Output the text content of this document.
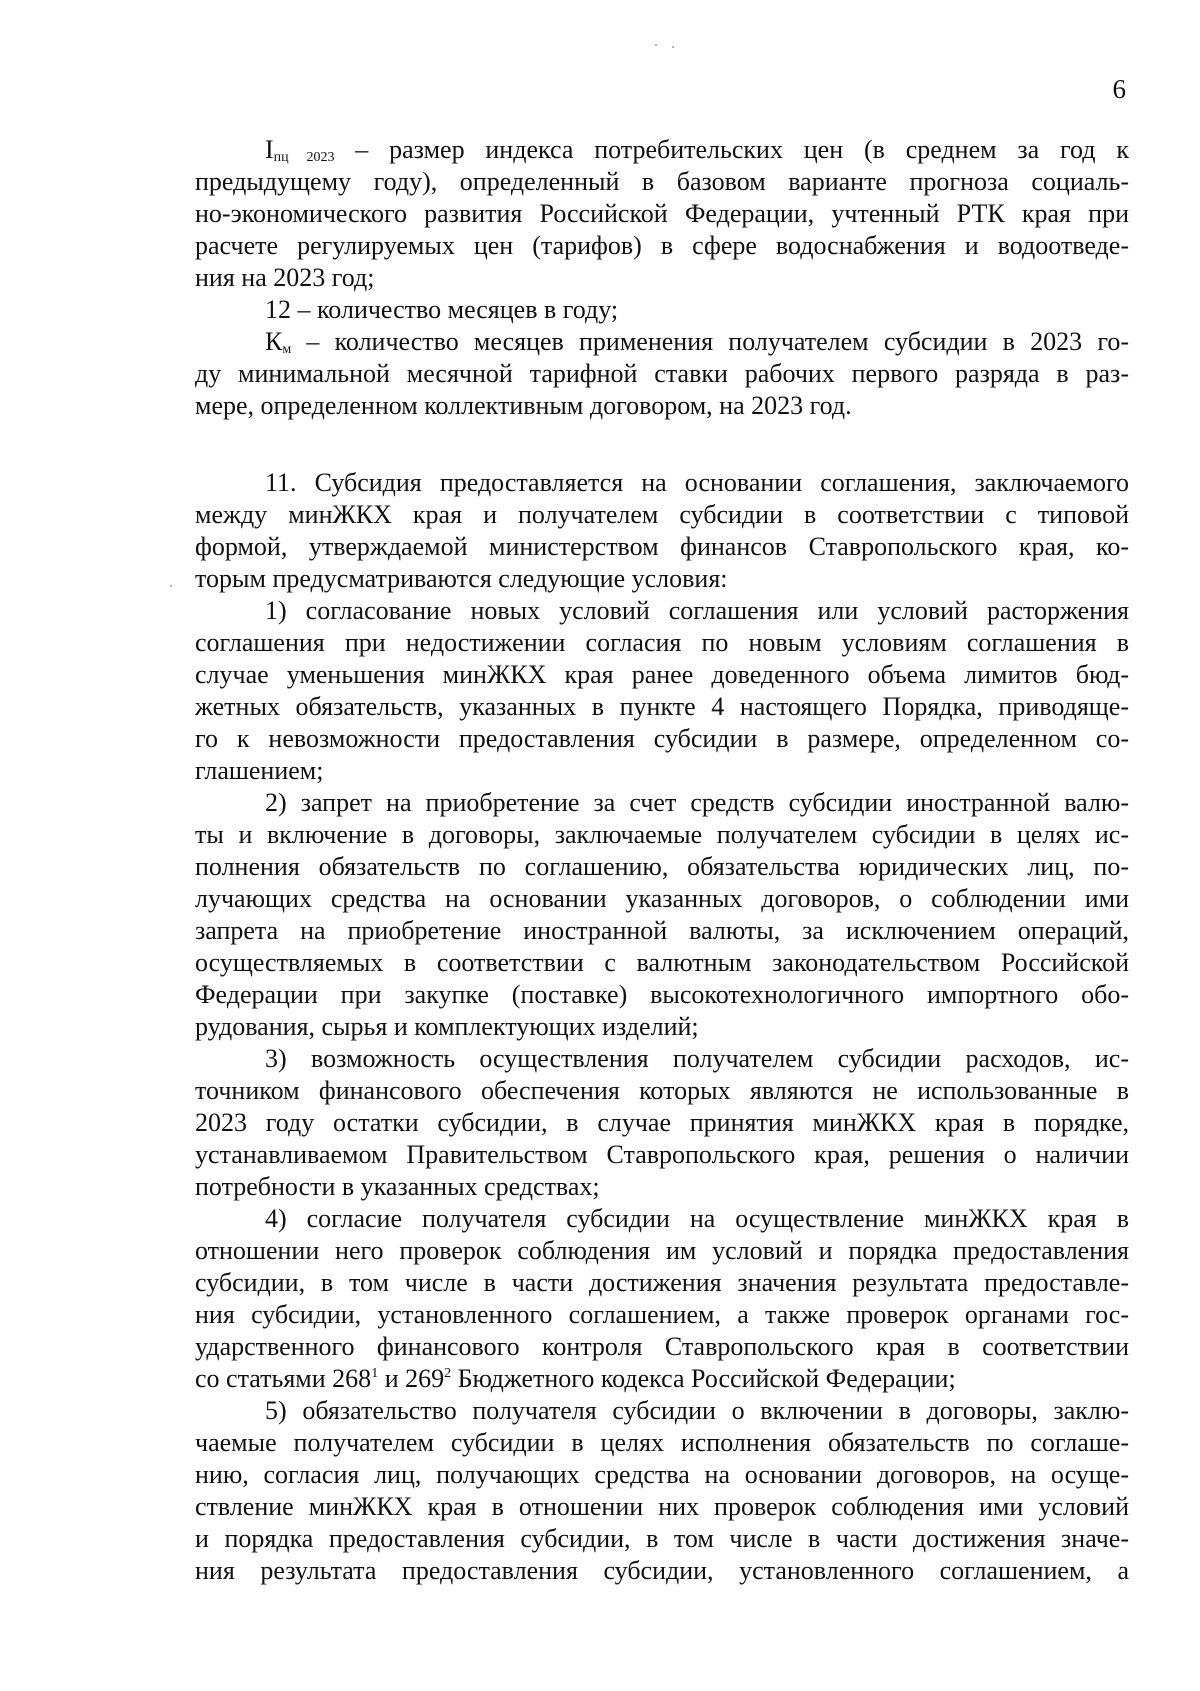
6
$I_{пц 2023}$ – размер индекса потребительских цен (в среднем за год к
предыдущему году), определенный в базовом варианте прогноза социаль-
но-экономического развития Российской Федерации, учтенный РТК края при
расчете регулируемых цен (тарифов) в сфере водоснабжения и водоотведе-
ния на 2023 год;
12 – количество месяцев в году;
$К_м$ – количество месяцев применения получателем субсидии в 2023 го-
ду минимальной месячной тарифной ставки рабочих первого разряда в раз-
мере, определенном коллективным договором, на 2023 год.
11. Субсидия предоставляется на основании соглашения, заключаемого
между минЖКХ края и получателем субсидии в соответствии с типовой
формой, утверждаемой министерством финансов Ставропольского края, ко-
торым предусматриваются следующие условия:
1) согласование новых условий соглашения или условий расторжения
соглашения при недостижении согласия по новым условиям соглашения в
случае уменьшения минЖКХ края ранее доведенного объема лимитов бюд-
жетных обязательств, указанных в пункте 4 настоящего Порядка, приводяще-
го к невозможности предоставления субсидии в размере, определенном со-
глашением;
2) запрет на приобретение за счет средств субсидии иностранной валю-
ты и включение в договоры, заключаемые получателем субсидии в целях ис-
полнения обязательств по соглашению, обязательства юридических лиц, по-
лучающих средства на основании указанных договоров, о соблюдении ими
запрета на приобретение иностранной валюты, за исключением операций,
осуществляемых в соответствии с валютным законодательством Российской
Федерации при закупке (поставке) высокотехнологичного импортного обо-
рудования, сырья и комплектующих изделий;
3) возможность осуществления получателем субсидии расходов, ис-
точником финансового обеспечения которых являются не использованные в
2023 году остатки субсидии, в случае принятия минЖКХ края в порядке,
устанавливаемом Правительством Ставропольского края, решения о наличии
потребности в указанных средствах;
4) согласие получателя субсидии на осуществление минЖКХ края в
отношении него проверок соблюдения им условий и порядка предоставления
субсидии, в том числе в части достижения значения результата предоставле-
ния субсидии, установленного соглашением, а также проверок органами гос-
ударственного финансового контроля Ставропольского края в соответствии
со статьями $268^1$ и $269^2$ Бюджетного кодекса Российской Федерации;
5) обязательство получателя субсидии о включении в договоры, заклю-
чаемые получателем субсидии в целях исполнения обязательств по соглаше-
нию, согласия лиц, получающих средства на основании договоров, на осуще-
ствление минЖКХ края в отношении них проверок соблюдения ими условий
и порядка предоставления субсидии, в том числе в части достижения значе-
ния результата предоставления субсидии, установленного соглашением, а
